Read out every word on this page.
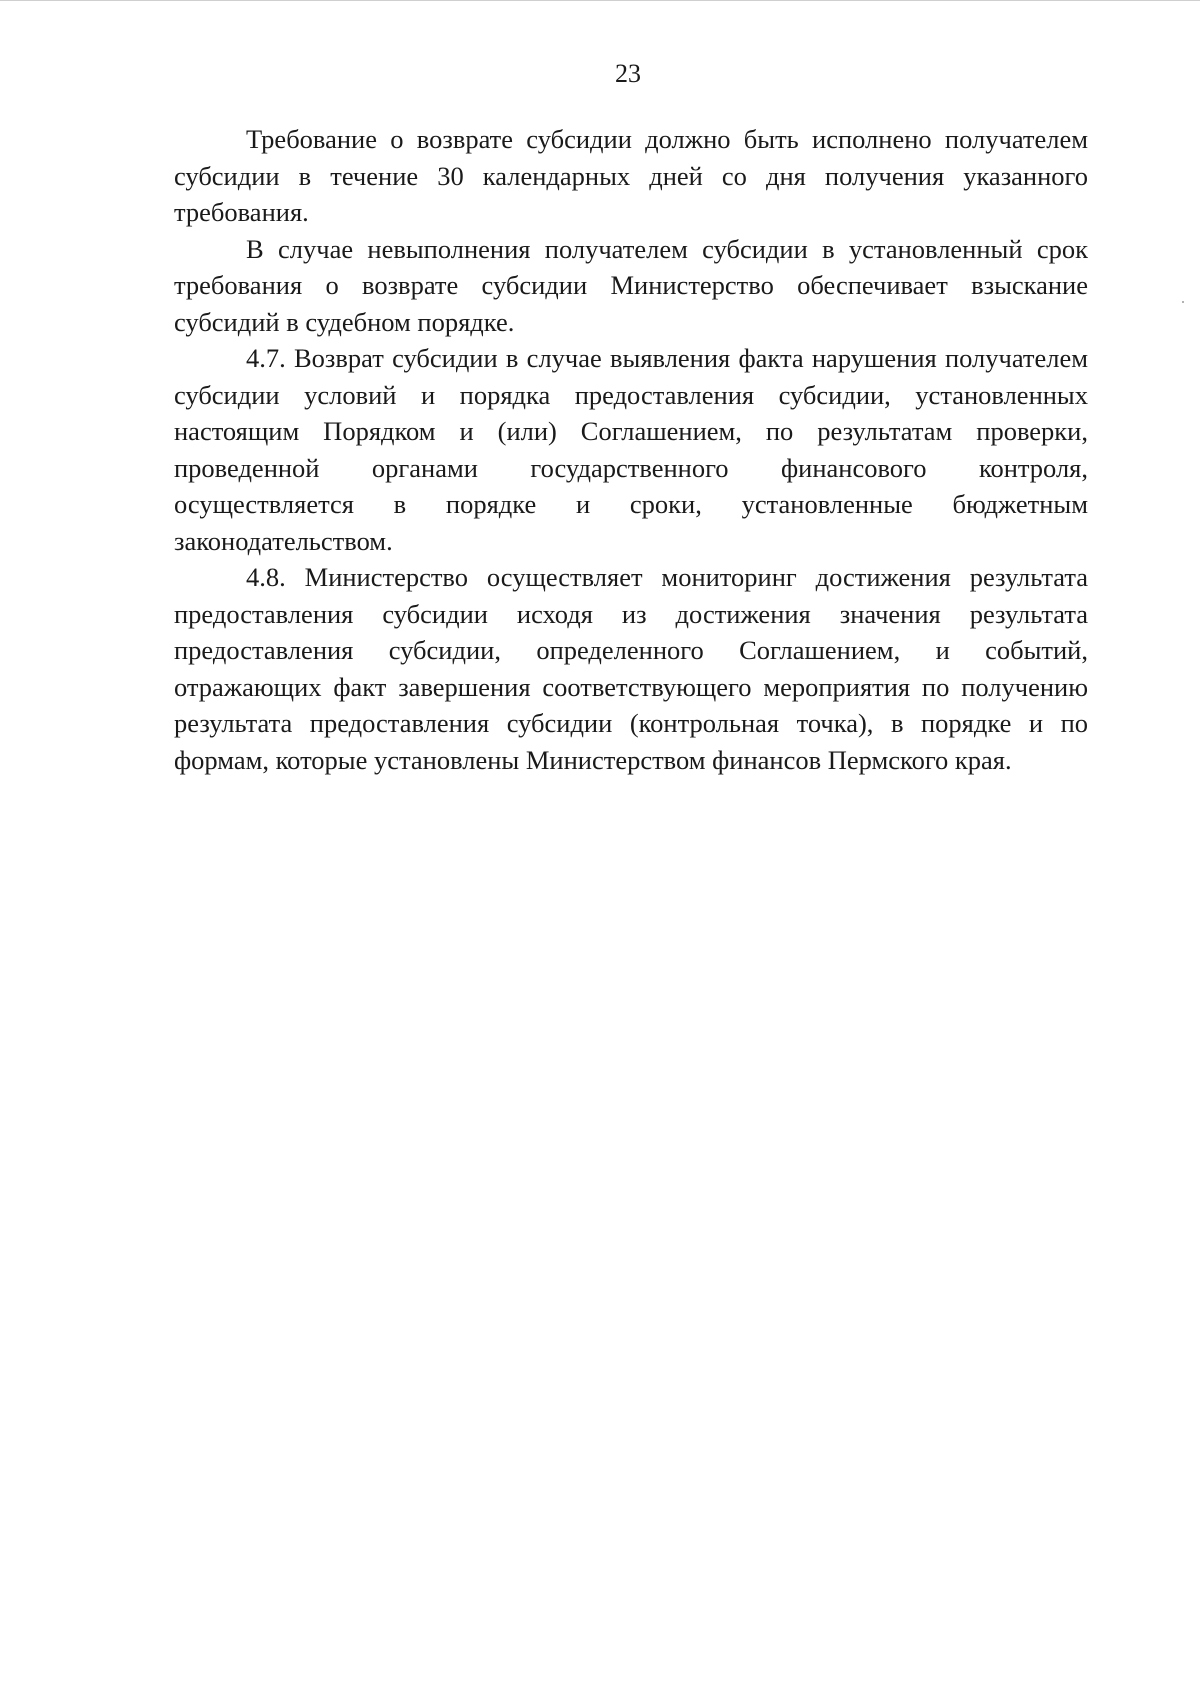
23

Требование о возврате субсидии должно быть исполнено получателем субсидии в течение 30 календарных дней со дня получения указанного требования.

В случае невыполнения получателем субсидии в установленный срок требования о возврате субсидии Министерство обеспечивает взыскание субсидий в судебном порядке.

4.7. Возврат субсидии в случае выявления факта нарушения получателем субсидии условий и порядка предоставления субсидии, установленных настоящим Порядком и (или) Соглашением, по результатам проверки, проведенной органами государственного финансового контроля, осуществляется в порядке и сроки, установленные бюджетным законодательством.

4.8. Министерство осуществляет мониторинг достижения результата предоставления субсидии исходя из достижения значения результата предоставления субсидии, определенного Соглашением, и событий, отражающих факт завершения соответствующего мероприятия по получению результата предоставления субсидии (контрольная точка), в порядке и по формам, которые установлены Министерством финансов Пермского края.
